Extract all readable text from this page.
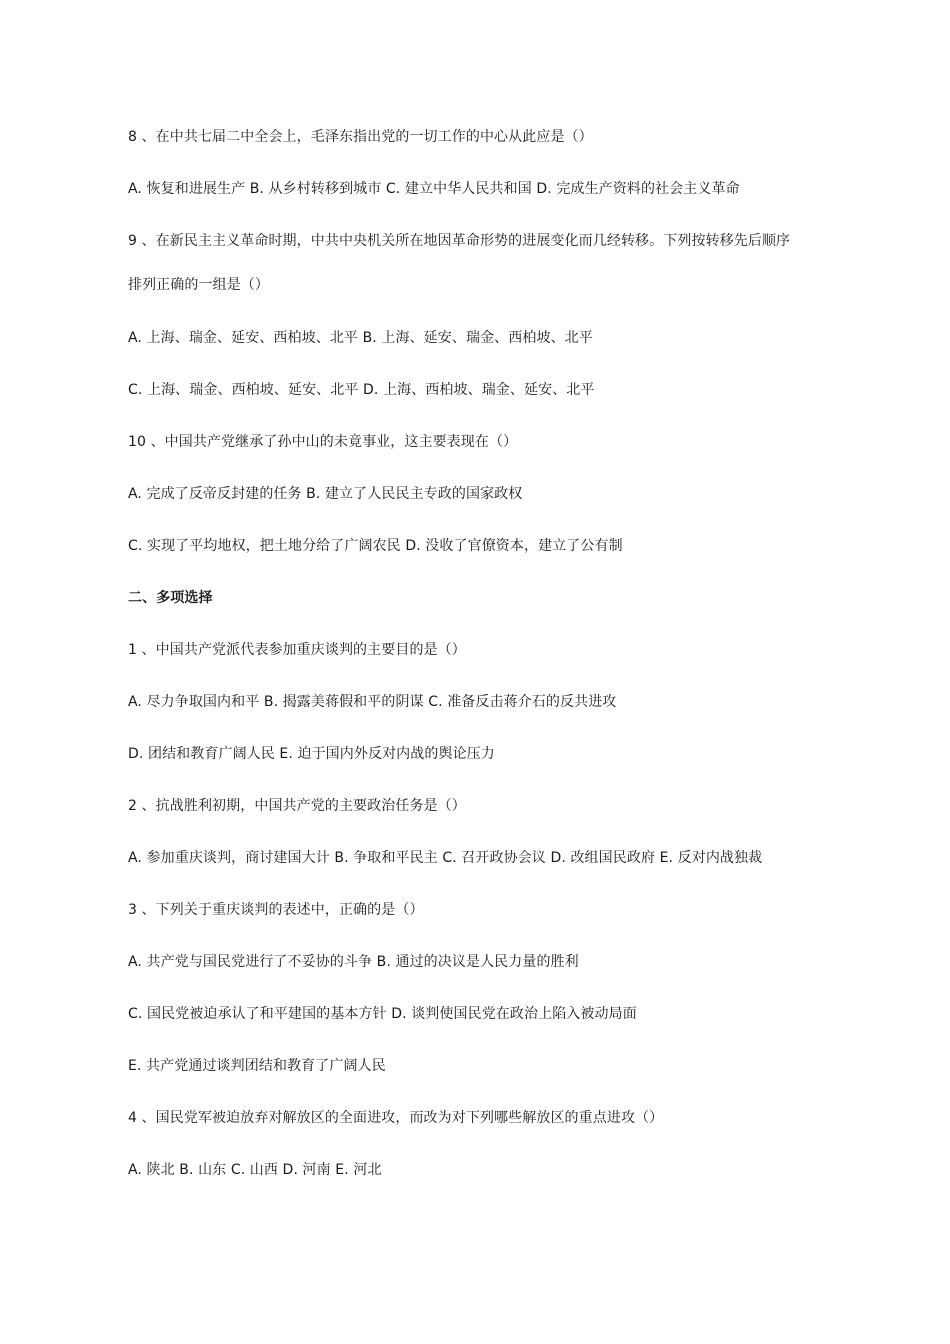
8 、在中共七届二中全会上，毛泽东指出党的一切工作的中心从此应是（）
A. 恢复和进展生产 B. 从乡村转移到城市 C. 建立中华人民共和国 D. 完成生产资料的社会主义革命
9 、在新民主主义革命时期，中共中央机关所在地因革命形势的进展变化而几经转移。下列按转移先后顺序
排列正确的一组是（）
A. 上海、瑞金、延安、西柏坡、北平 B. 上海、延安、瑞金、西柏坡、北平
C. 上海、瑞金、西柏坡、延安、北平 D. 上海、西柏坡、瑞金、延安、北平
10 、中国共产党继承了孙中山的未竟事业，这主要表现在（）
A. 完成了反帝反封建的任务 B. 建立了人民民主专政的国家政权
C. 实现了平均地权，把土地分给了广阔农民 D. 没收了官僚资本，建立了公有制
二、多项选择
1 、中国共产党派代表参加重庆谈判的主要目的是（）
A. 尽力争取国内和平 B. 揭露美蒋假和平的阴谋 C. 准备反击蒋介石的反共进攻
D. 团结和教育广阔人民 E. 迫于国内外反对内战的舆论压力
2 、抗战胜利初期，中国共产党的主要政治任务是（）
A. 参加重庆谈判，商讨建国大计 B. 争取和平民主 C. 召开政协会议 D. 改组国民政府 E. 反对内战独裁
3 、下列关于重庆谈判的表述中，正确的是（）
A. 共产党与国民党进行了不妥协的斗争 B. 通过的决议是人民力量的胜利
C. 国民党被迫承认了和平建国的基本方针 D. 谈判使国民党在政治上陷入被动局面
E. 共产党通过谈判团结和教育了广阔人民
4 、国民党军被迫放弃对解放区的全面进攻，而改为对下列哪些解放区的重点进攻（）
A. 陕北 B. 山东 C. 山西 D. 河南 E. 河北
